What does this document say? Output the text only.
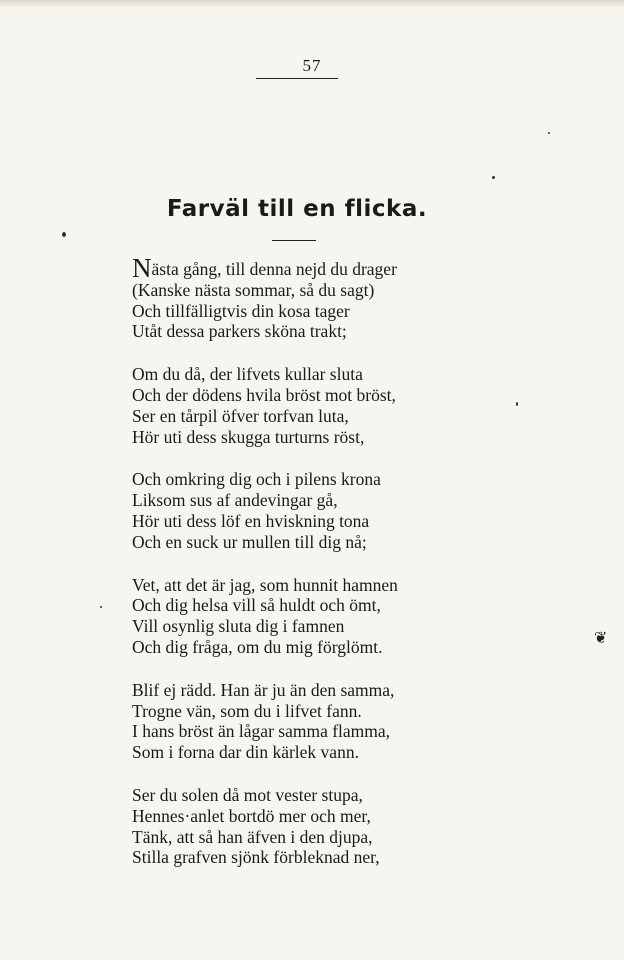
57
Farväl till en flicka.
Nästa gång, till denna nejd du drager
(Kanske nästa sommar, så du sagt)
Och tillfälligtvis din kosa tager
Utåt dessa parkers sköna trakt;
Om du då, der lifvets kullar sluta
Och der dödens hvila bröst mot bröst,
Ser en tårpil öfver torfvan luta,
Hör uti dess skugga turturns röst,
Och omkring dig och i pilens krona
Liksom sus af andevingar gå,
Hör uti dess löf en hviskning tona
Och en suck ur mullen till dig nå;
Vet, att det är jag, som hunnit hamnen
Och dig helsa vill så huldt och ömt,
Vill osynlig sluta dig i famnen
Och dig fråga, om du mig förglömt.
Blif ej rädd. Han är ju än den samma,
Trogne vän, som du i lifvet fann.
I hans bröst än lågar samma flamma,
Som i forna dar din kärlek vann.
Ser du solen då mot vester stupa,
Hennes·anlet bortdö mer och mer,
Tänk, att så han äfven i den djupa,
Stilla grafven sjönk förbleknad ner,
❦
